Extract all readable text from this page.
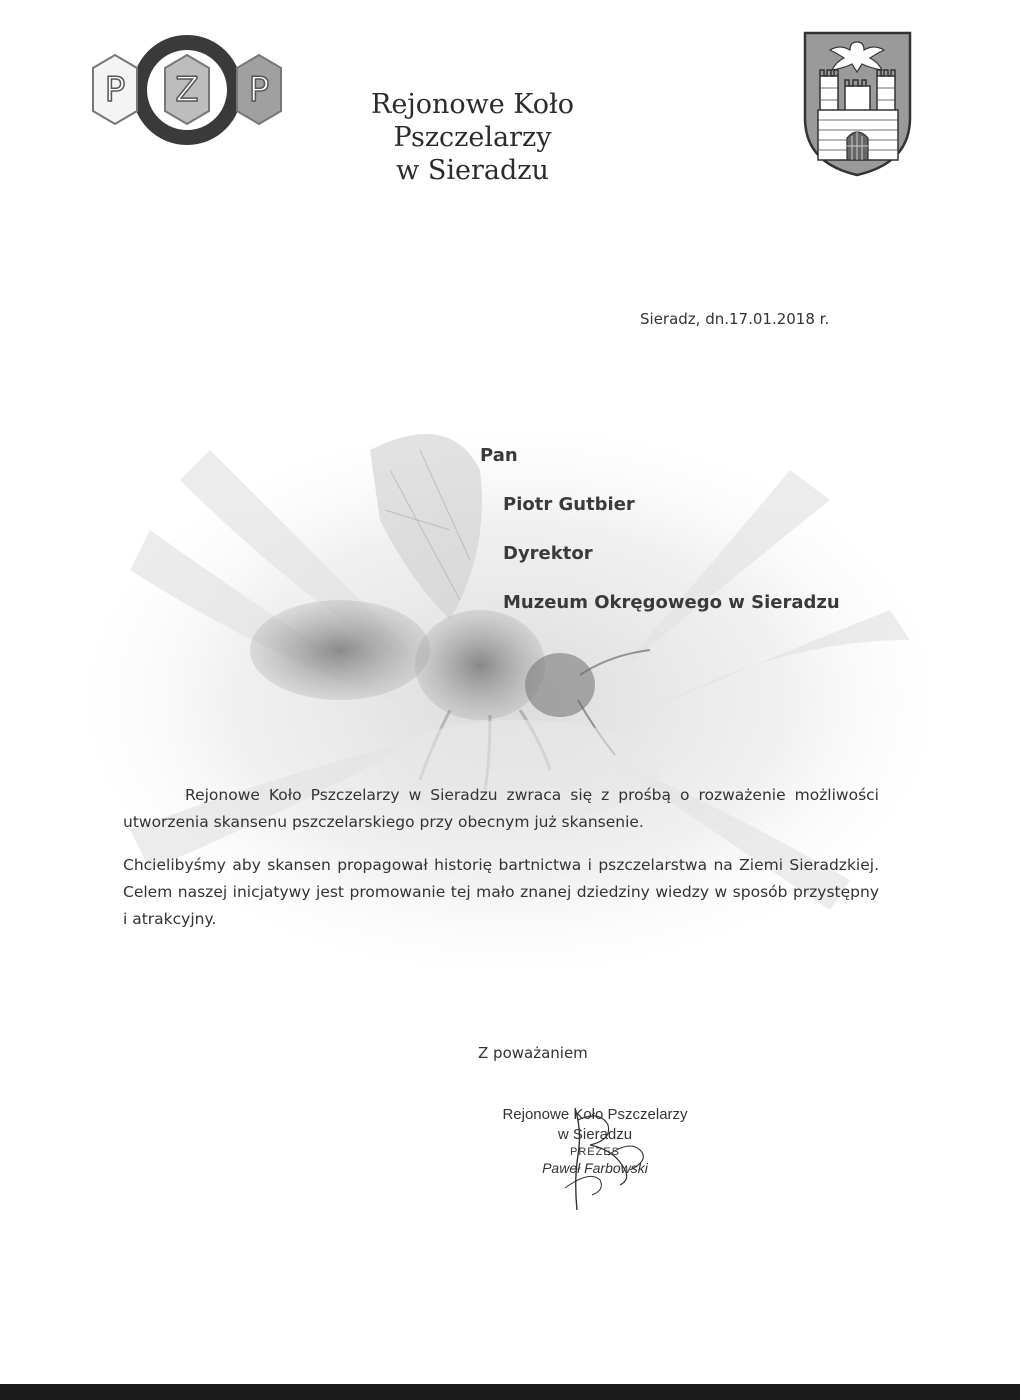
P Z P	Rejonowe Koło Pszczelarzy
w Sieradzu
Sieradz, dn.17.01.2018 r.
Pan
Piotr Gutbier
Dyrektor
Muzeum Okręgowego w Sieradzu
Rejonowe Koło Pszczelarzy w Sieradzu zwraca się z prośbą o rozważenie możliwości utworzenia skansenu pszczelarskiego przy obecnym już skansenie.
Chcielibyśmy aby skansen propagował historię bartnictwa i pszczelarstwa na Ziemi Sieradzkiej. Celem naszej inicjatywy jest promowanie tej mało znanej dziedziny wiedzy w sposób przystępny i atrakcyjny.
Z poważaniem
Rejonowe Koło Pszczelarzy
w Sieradzu
PREZES
Paweł Farbowski
